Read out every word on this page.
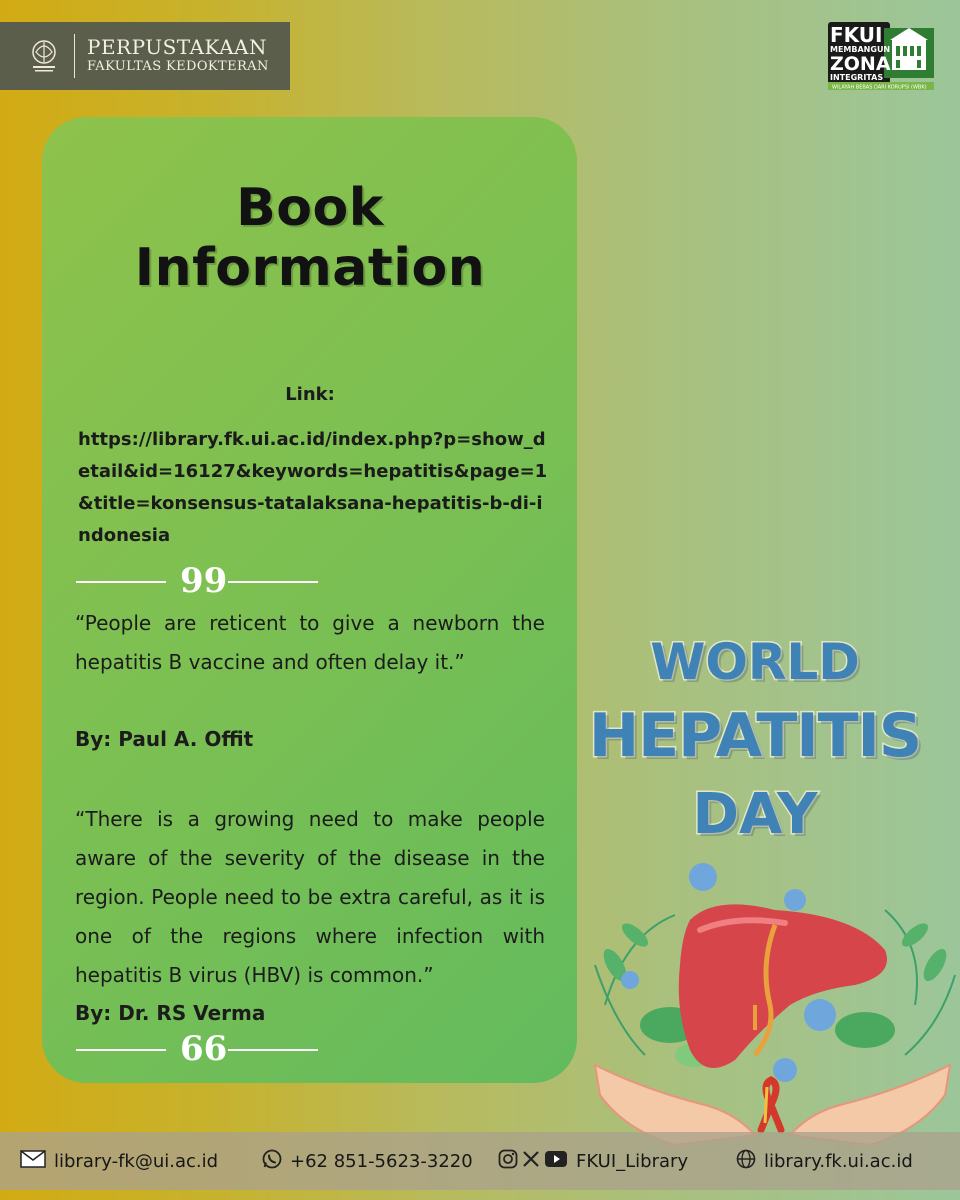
PERPUSTAKAAN
FAKULTAS KEDOKTERAN
FKUI
MEMBANGUN
ZONA
INTEGRITAS
WILAYAH BEBAS DARI KORUPSI (WBK)
Book
Information
Link:
https://library.fk.ui.ac.id/index.php?p=show_detail&id=16127&keywords=hepatitis&page=1&title=konsensus-tatalaksana-hepatitis-b-di-indonesia
99
“People are reticent to give a newborn the hepatitis B vaccine and often delay it.”
By: Paul A. Offit
“There is a growing need to make people aware of the severity of the disease in the region. People need to be extra careful, as it is one of the regions where infection with hepatitis B virus (HBV) is common.”
By: Dr. RS Verma
66
WORLD
HEPATITIS
DAY
library-fk@ui.ac.id	+62 851-5623-3220	FKUI_Library	library.fk.ui.ac.id
